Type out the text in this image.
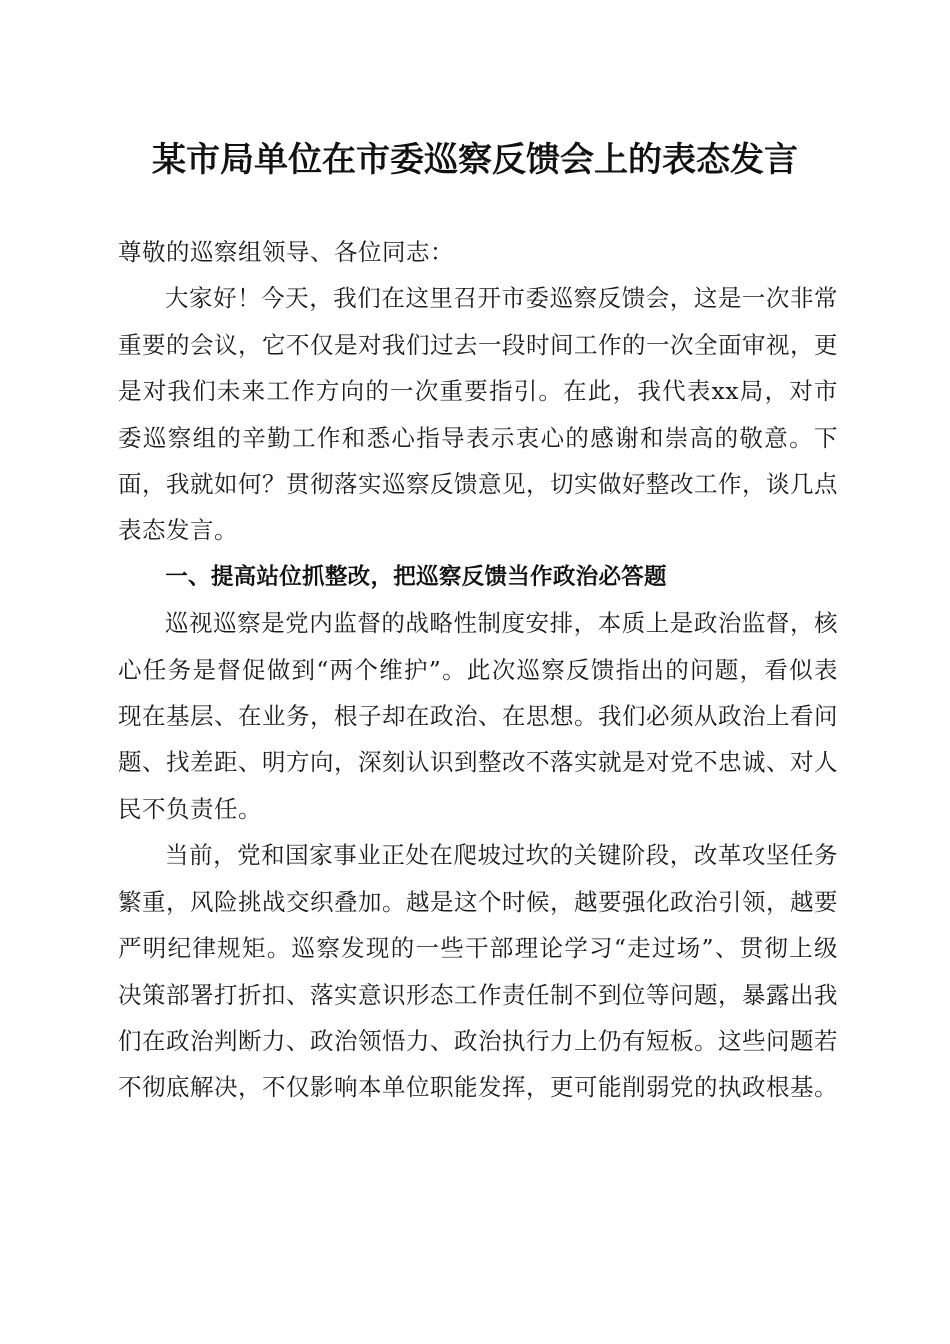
某市局单位在市委巡察反馈会上的表态发言

尊敬的巡察组领导、各位同志：

大家好！今天，我们在这里召开市委巡察反馈会，这是一次非常重要的会议，它不仅是对我们过去一段时间工作的一次全面审视，更是对我们未来工作方向的一次重要指引。在此，我代表xx局，对市委巡察组的辛勤工作和悉心指导表示衷心的感谢和崇高的敬意。下面，我就如何？贯彻落实巡察反馈意见，切实做好整改工作，谈几点表态发言。

一、提高站位抓整改，把巡察反馈当作政治必答题

巡视巡察是党内监督的战略性制度安排，本质上是政治监督，核心任务是督促做到“两个维护”。此次巡察反馈指出的问题，看似表现在基层、在业务，根子却在政治、在思想。我们必须从政治上看问题、找差距、明方向，深刻认识到整改不落实就是对党不忠诚、对人民不负责任。

当前，党和国家事业正处在爬坡过坎的关键阶段，改革攻坚任务繁重，风险挑战交织叠加。越是这个时候，越要强化政治引领，越要严明纪律规矩。巡察发现的一些干部理论学习“走过场”、贯彻上级决策部署打折扣、落实意识形态工作责任制不到位等问题，暴露出我们在政治判断力、政治领悟力、政治执行力上仍有短板。这些问题若不彻底解决，不仅影响本单位职能发挥，更可能削弱党的执政根基。
